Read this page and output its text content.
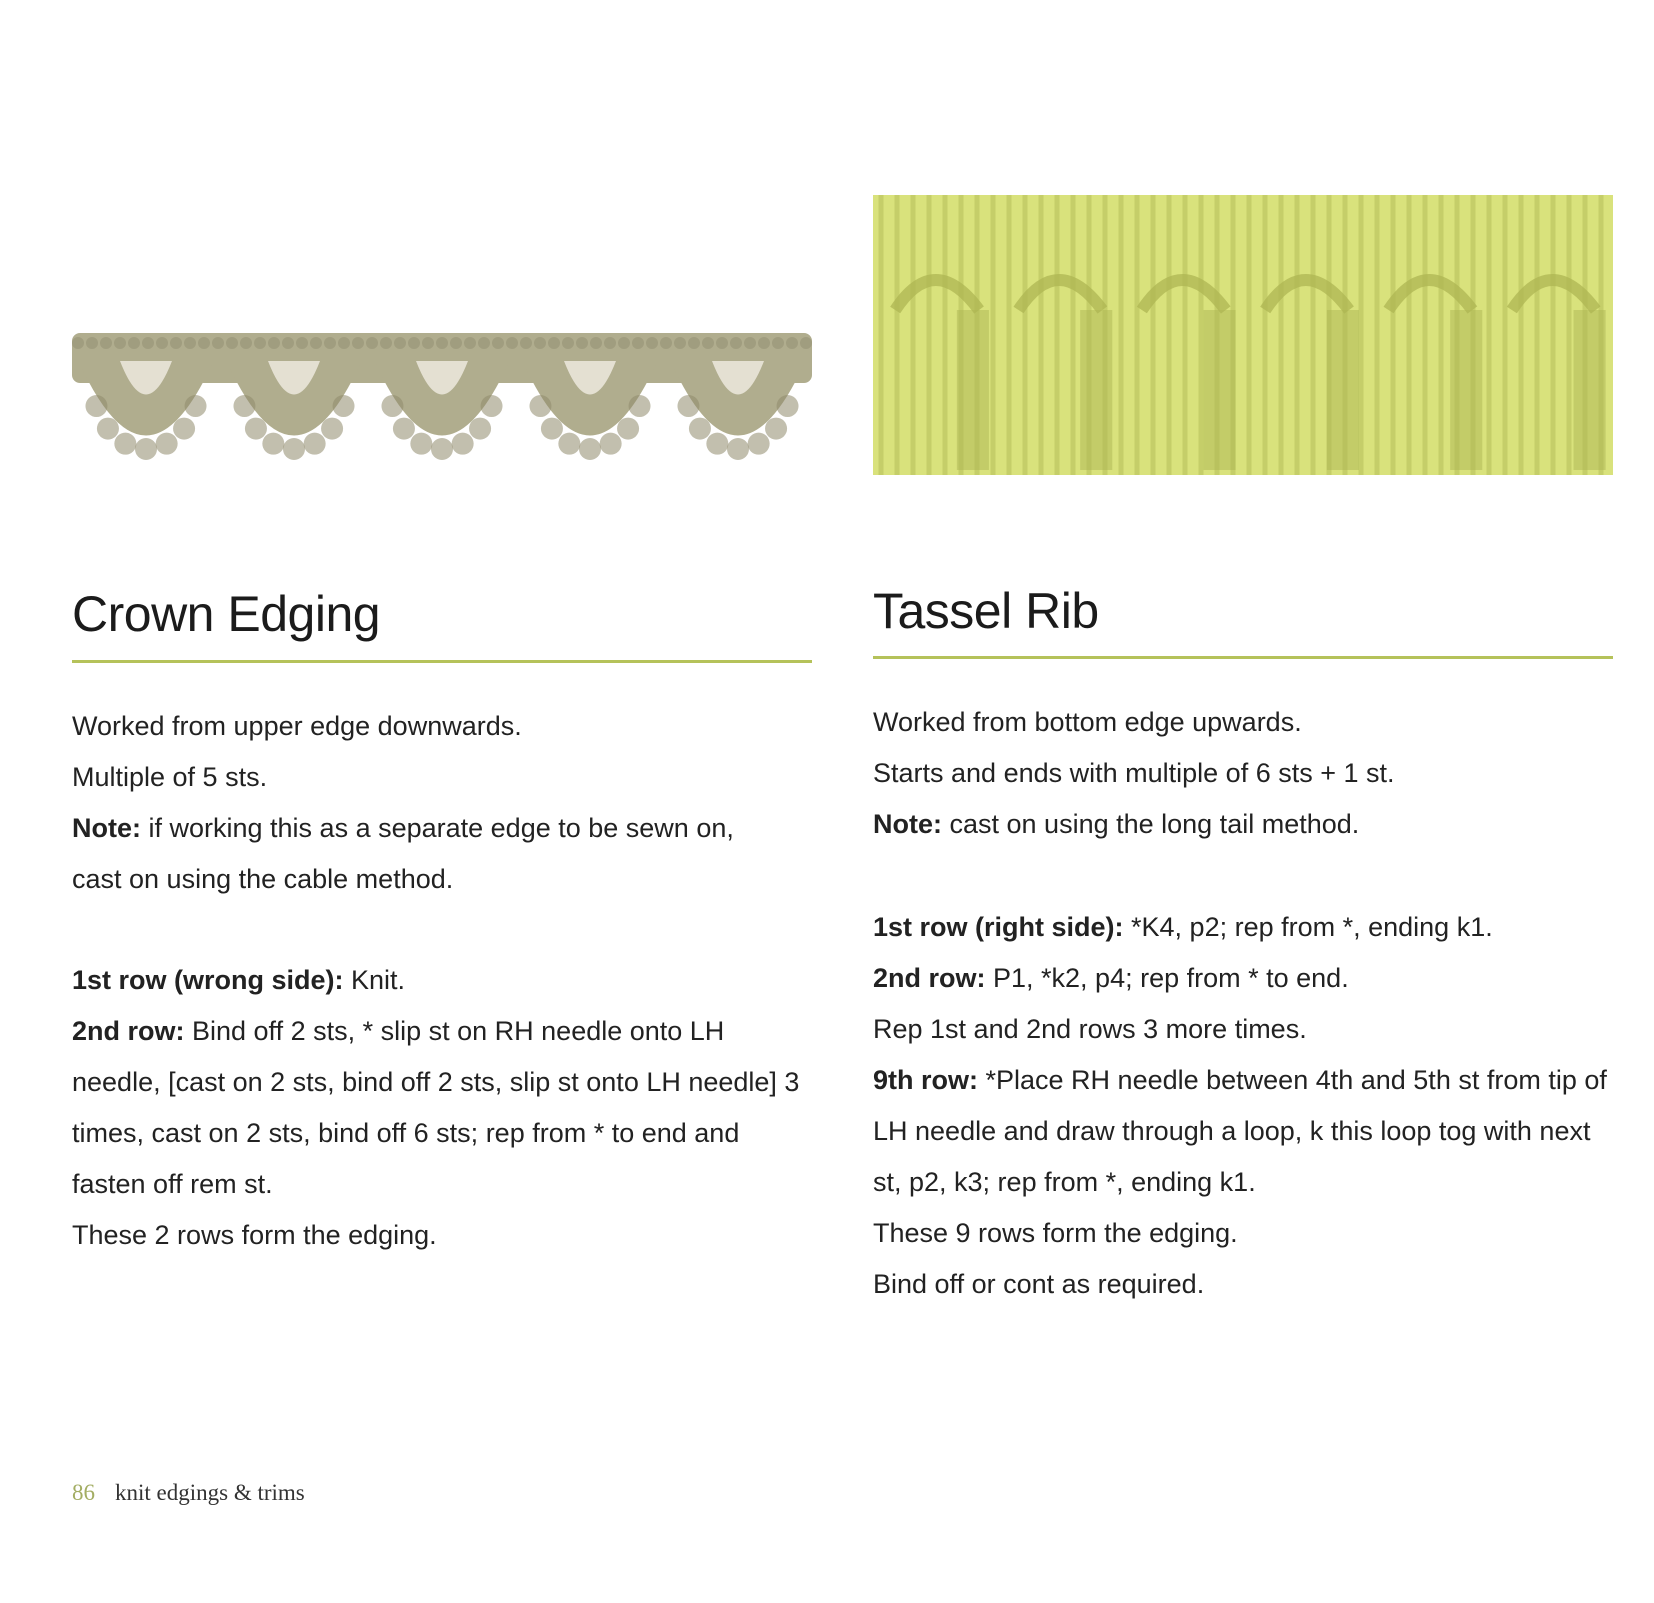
Crown Edging

Worked from upper edge downwards.

Multiple of 5 sts.

Note: if working this as a separate edge to be sewn on, cast on using the cable method.

1st row (wrong side): Knit.

2nd row: Bind off 2 sts, * slip st on RH needle onto LH needle, [cast on 2 sts, bind off 2 sts, slip st onto LH needle] 3 times, cast on 2 sts, bind off 6 sts; rep from * to end and fasten off rem st.

These 2 rows form the edging.

Tassel Rib

Worked from bottom edge upwards.

Starts and ends with multiple of 6 sts + 1 st.

Note: cast on using the long tail method.

1st row (right side): *K4, p2; rep from *, ending k1.

2nd row: P1, *k2, p4; rep from * to end.

Rep 1st and 2nd rows 3 more times.

9th row: *Place RH needle between 4th and 5th st from tip of LH needle and draw through a loop, k this loop tog with next st, p2, k3; rep from *, ending k1.

These 9 rows form the edging.

Bind off or cont as required.

86 knit edgings & trims
